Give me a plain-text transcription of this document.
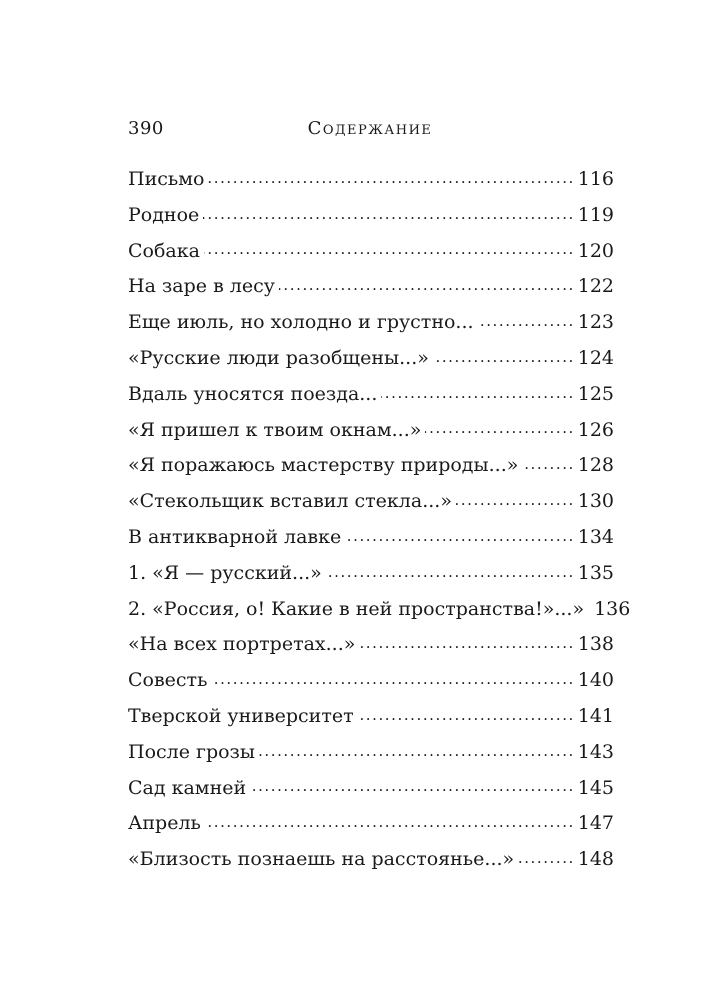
390	Содержание
Письмо . . .	116
Родное . . .	119
Собака . . .	120
На заре в лесу . . .	122
Еще июль, но холодно и грустно... . . .	123
«Русские люди разобщены...» . . .	124
Вдаль уносятся поезда... . . .	125
«Я пришел к твоим окнам...» . . .	126
«Я поражаюсь мастерству природы...» . . .	128
«Стекольщик вставил стекла...» . . .	130
В антикварной лавке . . .	134
1. «Я — русский...» . . .	135
2. «Россия, о! Какие в ней пространства!»...» 136
«На всех портретах...» . . .	138
Совесть . . .	140
Тверской университет . . .	141
После грозы . . .	143
Сад камней . . .	145
Апрель . . .	147
«Близость познаешь на расстоянье...» . . .	148
